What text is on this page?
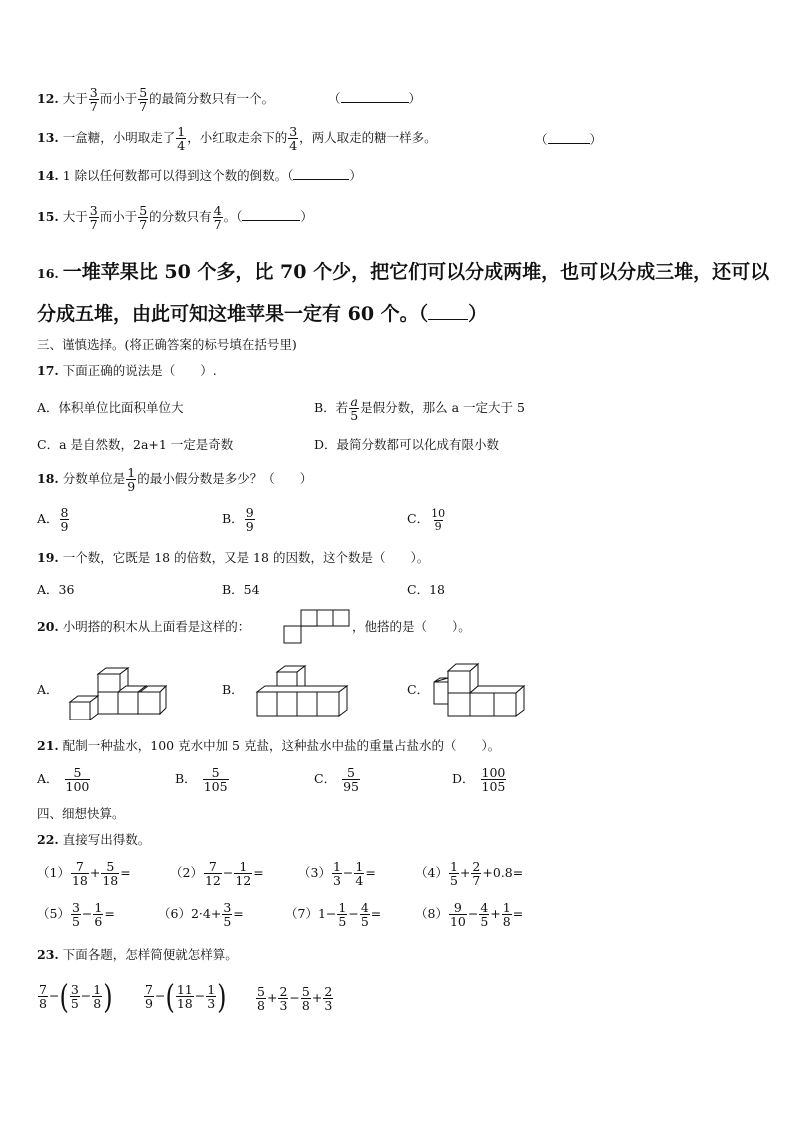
12. 大于 $\frac{3}{7}$ 而小于 $\frac{5}{7}$ 的最简分数只有一个。	（	）
13. 一盒糖，小明取走了 $\frac{1}{4}$ ，小红取走余下的 $\frac{3}{4}$ ，两人取走的糖一样多。	（	）
14. 1 除以任何数都可以得到这个数的倒数。（	）
15. 大于 $\frac{3}{7}$ 而小于 $\frac{5}{7}$ 的分数只有 $\frac{4}{7}$ 。（	）
16. 一堆苹果比 50 个多，比 70 个少，把它们可以分成两堆，也可以分成三堆，还可以
分成五堆，由此可知这堆苹果一定有 60 个。（ ）
三、谨慎选择。(将正确答案的标号填在括号里)
17. 下面正确的说法是（　　）.
A．体积单位比面积单位大	B．若 $\frac{a}{5}$ 是假分数，那么 a 一定大于 5
C．a 是自然数，2a+1 一定是奇数	D．最简分数都可以化成有限小数
18. 分数单位是 $\frac{1}{9}$ 的最小假分数是多少？（　　）
A． $\frac{8}{9}$	B． $\frac{9}{9}$	C． $\frac{10}{9}$
19. 一个数，它既是 18 的倍数，又是 18 的因数，这个数是（　　）。
A．36	B．54	C．18
20. 小明搭的积木从上面看是这样的：	，他搭的是（　　）。
A．	B．	C．
21. 配制一种盐水，100 克水中加 5 克盐，这种盐水中盐的重量占盐水的（　　）。
A． $\frac{5}{100}$	B． $\frac{5}{105}$	C． $\frac{5}{95}$	D． $\frac{100}{105}$
四、细想快算。
22. 直接写出得数。
$(1) \frac{7}{18} + \frac{5}{18}$ =	$(2) \frac{7}{12} - \frac{1}{12}$ =	$(3) \frac{1}{3} - \frac{1}{4}$ =	$(4) \frac{1}{5} + \frac{2}{7} +0.8=$
$(5) \frac{3}{5} - \frac{1}{6}$ =	$(6)2\cdot 4+ \frac{3}{5}$ =	$(7)1- \frac{1}{5} - \frac{4}{5}$ =	$(8) \frac{9}{10} - \frac{4}{5} + \frac{1}{8}$ =
23. 下面各题，怎样简便就怎样算。
$\frac{7}{8}$ −( $\frac{3}{5} - \frac{1}{8}$ )	$\frac{7}{9}$ −( $\frac{11}{18} - \frac{1}{3}$ ) $\frac{5}{8} + \frac{2}{3} - \frac{5}{8} + \frac{2}{3}$
